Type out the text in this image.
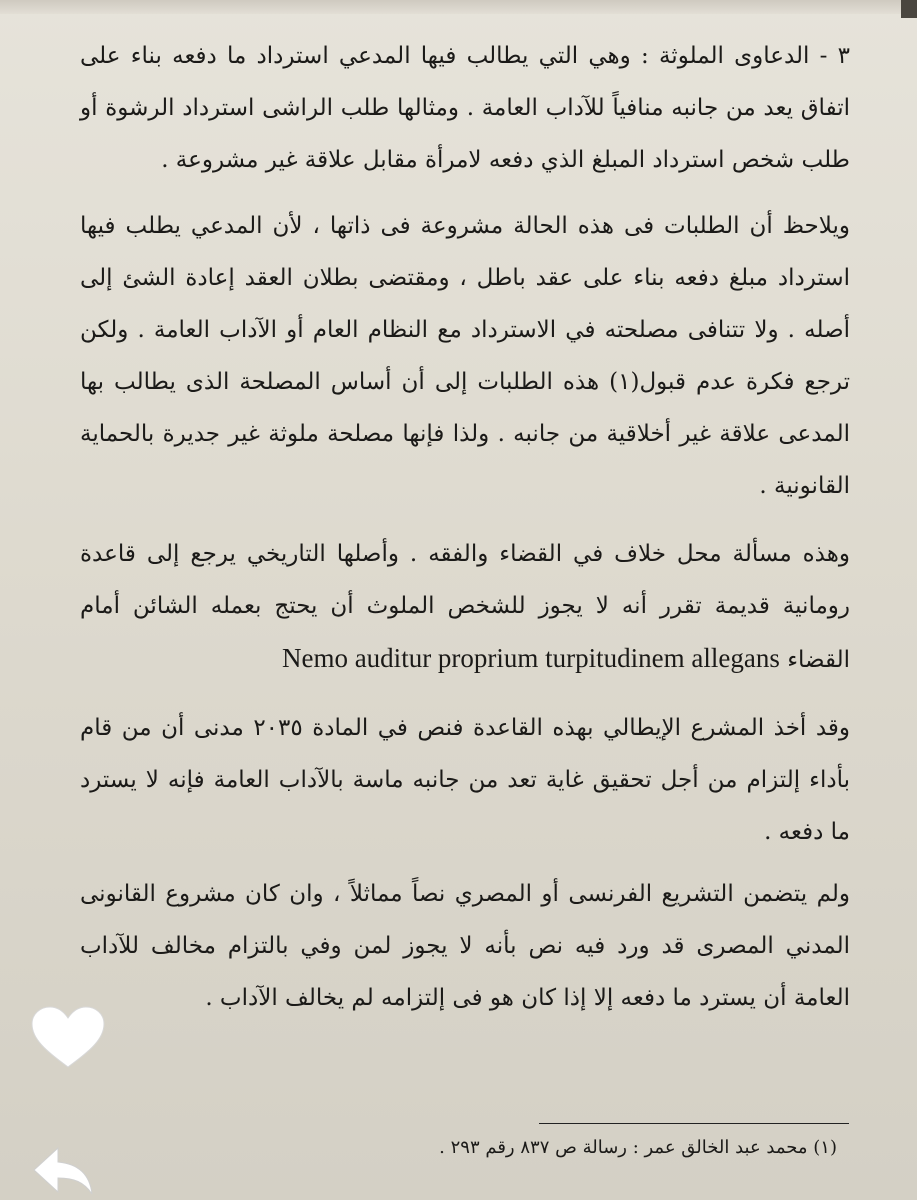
٣ - الدعاوى الملوثة : وهي التي يطالب فيها المدعي استرداد ما دفعه بناء على اتفاق يعد من جانبه منافياً للآداب العامة . ومثالها طلب الراشى استرداد الرشوة أو طلب شخص استرداد المبلغ الذي دفعه لامرأة مقابل علاقة غير مشروعة .

ويلاحظ أن الطلبات فى هذه الحالة مشروعة فى ذاتها ، لأن المدعي يطلب فيها استرداد مبلغ دفعه بناء على عقد باطل ، ومقتضى بطلان العقد إعادة الشئ إلى أصله . ولا تتنافى مصلحته في الاسترداد مع النظام العام أو الآداب العامة . ولكن ترجع فكرة عدم قبول(١) هذه الطلبات إلى أن أساس المصلحة الذى يطالب بها المدعى علاقة غير أخلاقية من جانبه . ولذا فإنها مصلحة ملوثة غير جديرة بالحماية القانونية .

وهذه مسألة محل خلاف في القضاء والفقه . وأصلها التاريخي يرجع إلى قاعدة رومانية قديمة تقرر أنه لا يجوز للشخص الملوث أن يحتج بعمله الشائن أمام القضاء Nemo auditur proprium turpitudinem allegans

وقد أخذ المشرع الإيطالي بهذه القاعدة فنص في المادة ٢٠٣٥ مدنى أن من قام بأداء إلتزام من أجل تحقيق غاية تعد من جانبه ماسة بالآداب العامة فإنه لا يسترد ما دفعه .

ولم يتضمن التشريع الفرنسى أو المصري نصاً مماثلاً ، وان كان مشروع القانونى المدني المصرى قد ورد فيه نص بأنه لا يجوز لمن وفي بالتزام مخالف للآداب العامة أن يسترد ما دفعه إلا إذا كان هو فى إلتزامه لم يخالف الآداب .

(١) محمد عبد الخالق عمر : رسالة ص ٨٣٧ رقم ٢٩٣ .
